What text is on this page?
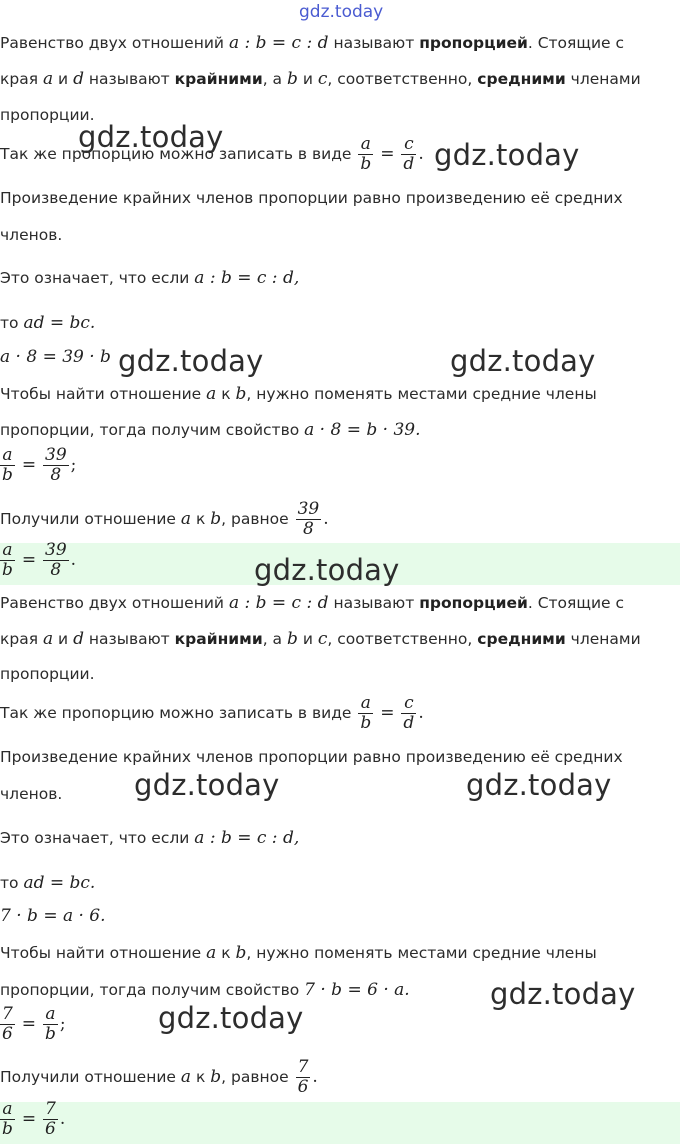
gdz.today
Равенство двух отношений a : b = c : d называют пропорцией. Стоящие с
края a и d называют крайними, а b и c, соответственно, средними членами
пропорции.
Так же пропорцию можно записать в виде $\frac{a}{b} = \frac{c}{d}$ .
Произведение крайних членов пропорции равно произведению её средних
членов.
Это означает, что если a : b = c : d,
то ad = bc.
a · 8 = 39 · b
Чтобы найти отношение a к b, нужно поменять местами средние члены
пропорции, тогда получим свойство a · 8 = b · 39.
$\frac{a}{b} = \frac{39}{8}$ ;
Получили отношение a к b, равное $\frac{39}{8}$ .
$\frac{a}{b} = \frac{39}{8}$ .
Равенство двух отношений a : b = c : d называют пропорцией. Стоящие с
края a и d называют крайними, а b и c, соответственно, средними членами
пропорции.
Так же пропорцию можно записать в виде $\frac{a}{b} = \frac{c}{d}$ .
Произведение крайних членов пропорции равно произведению её средних
членов.
Это означает, что если a : b = c : d,
то ad = bc.
7 · b = a · 6.
Чтобы найти отношение a к b, нужно поменять местами средние члены
пропорции, тогда получим свойство 7 · b = 6 · a.
$\frac{7}{6} = \frac{a}{b}$ ;
Получили отношение a к b, равное $\frac{7}{6}$ .
$\frac{a}{b} = \frac{7}{6}$ .
gdz.today
gdz.today
gdz.today	gdz.today
gdz.today
gdz.today	gdz.today
gdz.today
gdz.today
